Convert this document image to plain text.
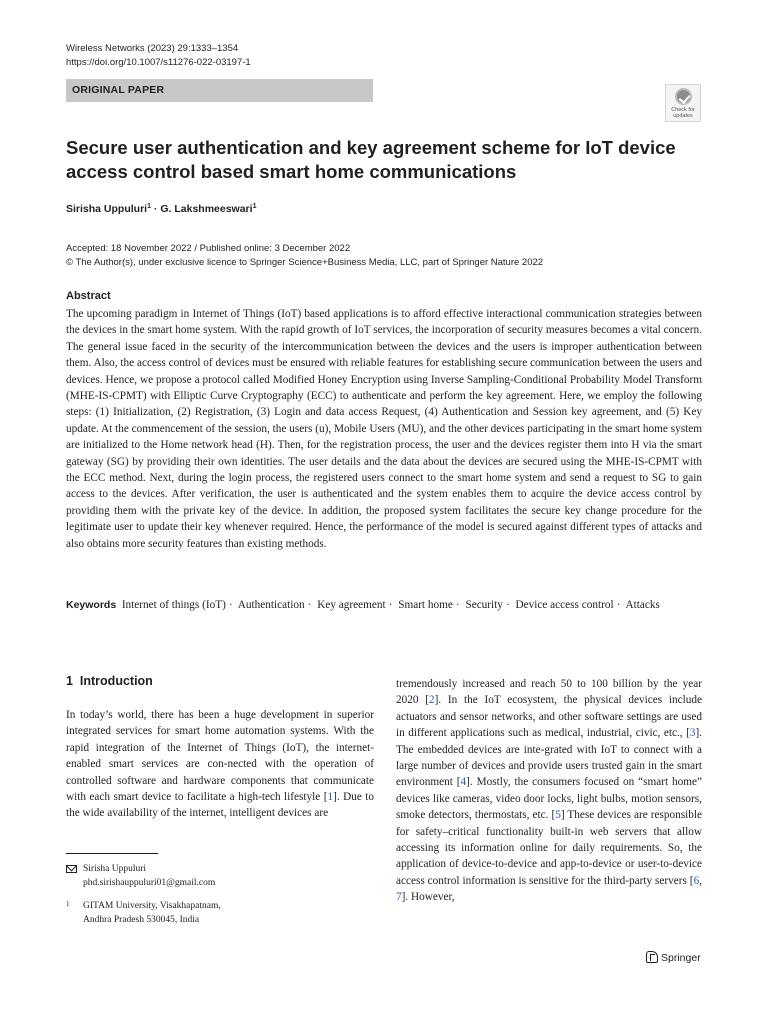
Wireless Networks (2023) 29:1333–1354
https://doi.org/10.1007/s11276-022-03197-1
ORIGINAL PAPER
Check for
updates
Secure user authentication and key agreement scheme for IoT device access control based smart home communications
Sirisha Uppuluri$^1$ · G. Lakshmeeswari$^1$
Accepted: 18 November 2022 / Published online: 3 December 2022
© The Author(s), under exclusive licence to Springer Science+Business Media, LLC, part of Springer Nature 2022
Abstract

The upcoming paradigm in Internet of Things (IoT) based applications is to afford effective interactional communication strategies between the devices in the smart home system. With the rapid growth of IoT services, the incorporation of security measures becomes a vital concern. The general issue faced in the security of the intercommunication between the devices and the users is improper authentication between them. Also, the access control of devices must be ensured with reliable features for establishing secure communication between the users and devices. Hence, we propose a protocol called Modified Honey Encryption using Inverse Sampling-Conditional Probability Model Transform (MHE-IS-CPMT) with Elliptic Curve Cryptography (ECC) to authenticate and perform the key agreement. Here, we employ the following steps: (1) Initialization, (2) Registration, (3) Login and data access Request, (4) Authentication and Session key agreement, and (5) Key update. At the commencement of the session, the users (u), Mobile Users (MU), and the other devices participating in the smart home system are initialized to the Home network head (H). Then, for the registration process, the user and the devices register them into H via the smart gateway (SG) by providing their own identities. The user details and the data about the devices are secured using the MHE-IS-CPMT with the ECC method. Next, during the login process, the registered users connect to the smart home system and send a request to SG to gain access to the devices. After verification, the user is authenticated and the system enables them to acquire the device access control by providing them with the private key of the device. In addition, the proposed system facilitates the secure key change procedure for the legitimate user to update their key whenever required. Hence, the performance of the model is secured against different types of attacks and also obtains more security features than existing methods.

Keywords Internet of things (IoT) · Authentication · Key agreement · Smart home · Security · Device access control · Attacks
1 Introduction

In today’s world, there has been a huge development in superior integrated services for smart home automation systems. With the rapid integration of the Internet of Things (IoT), the internet-enabled smart services are con-nected with the operation of controlled software and hardware components that communicate with each smart device to facilitate a high-tech lifestyle [1]. Due to the wide availability of the internet, intelligent devices are

tremendously increased and reach 50 to 100 billion by the year 2020 [2]. In the IoT ecosystem, the physical devices include actuators and sensor networks, and other software settings are used in different applications such as medical, industrial, civic, etc., [3]. The embedded devices are inte-grated with IoT to connect with a large number of devices and provide users trusted gain in the smart environment [4]. Mostly, the consumers focused on “smart home” devices like cameras, video door locks, light bulbs, motion sensors, smoke detectors, thermostats, etc. [5] These devices are responsible for safety–critical functionality built-in web servers that allow accessing its information online for daily requirements. So, the application of device-to-device and app-to-device or user-to-device access control information is sensitive for the third-party servers [6, 7]. However,

Sirisha Uppuluri
phd.sirishauppuluri01@gmail.com
1 GITAM University, Visakhapatnam,
Andhra Pradesh 530045, India
Springer
